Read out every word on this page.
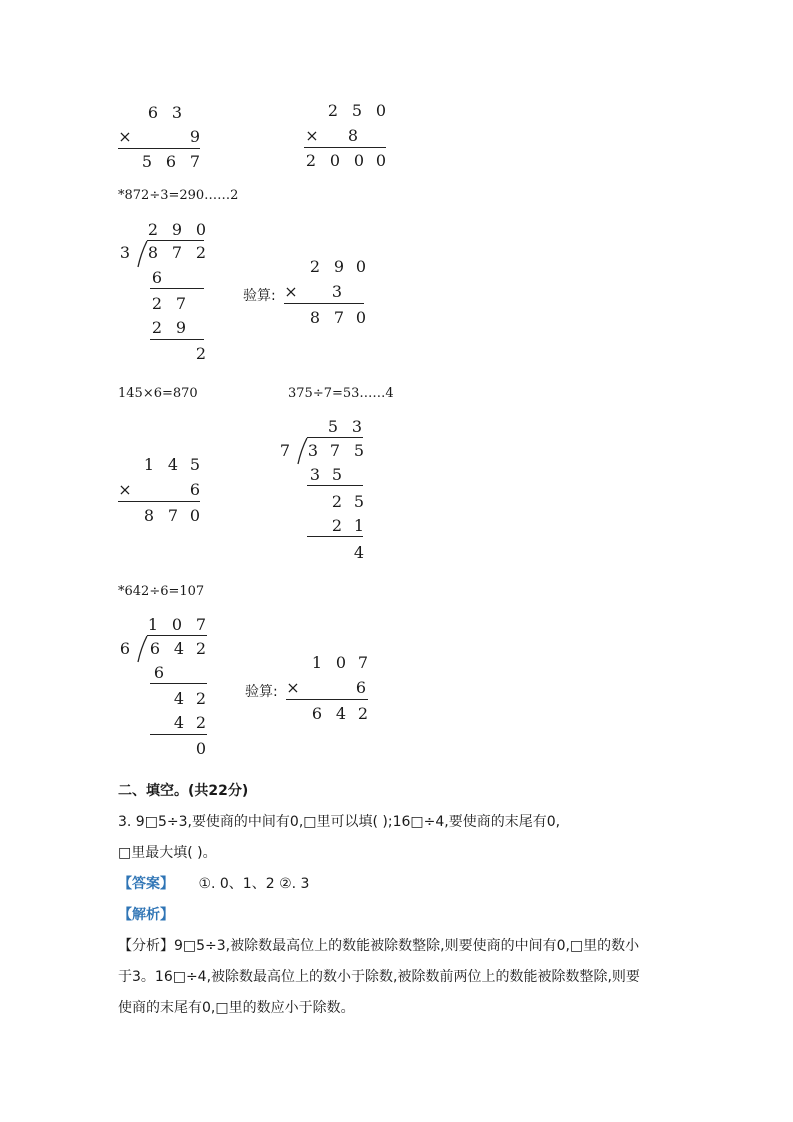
6 3
×	9
5 6 7
2 5 0
× 8
2 0 0 0
*872÷3=290……2
2 9 0
3 8 7 2
6
2 7
2 9
2
2 9 0
验算: × 3
8 7 0
145×6=870	375÷7=53……4
5 3
7 3 7 5
3 5
2 5
2 1
4
1 4 5
×	6
8 7 0
*642÷6=107
1 0 7
6 6 4 2
6
4 2
4 2
0
1 0 7
验算: ×	6
6 4 2
二、填空。(共22分)
3. 9□5÷3,要使商的中间有0,□里可以填( );16□÷4,要使商的末尾有0,
□里最大填( )。
【答案】 ①. 0、1、2 ②. 3
【解析】
【分析】9□5÷3,被除数最高位上的数能被除数整除,则要使商的中间有0,□里的数小
于3。16□÷4,被除数最高位上的数小于除数,被除数前两位上的数能被除数整除,则要
使商的末尾有0,□里的数应小于除数。
